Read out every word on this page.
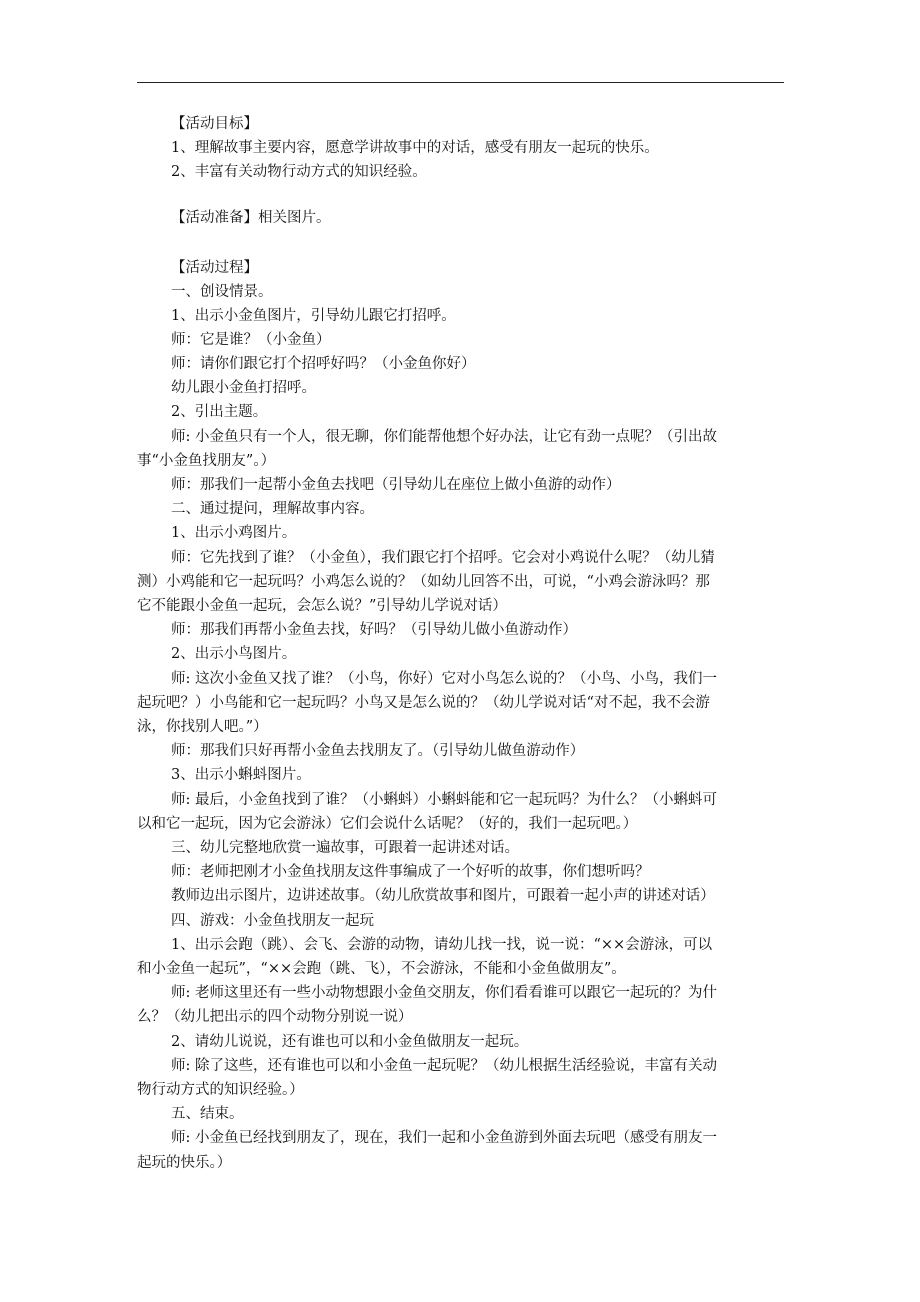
【活动目标】
1、理解故事主要内容，愿意学讲故事中的对话，感受有朋友一起玩的快乐。
2、丰富有关动物行动方式的知识经验。
【活动准备】相关图片。
【活动过程】
一、创设情景。
1、出示小金鱼图片，引导幼儿跟它打招呼。
师：它是谁？（小金鱼）
师：请你们跟它打个招呼好吗？（小金鱼你好）
幼儿跟小金鱼打招呼。
2、引出主题。
师: 小金鱼只有一个人，很无聊，你们能帮他想个好办法，让它有劲一点呢？（引出故
事“小金鱼找朋友”。）
师：那我们一起帮小金鱼去找吧（引导幼儿在座位上做小鱼游的动作）
二、通过提问，理解故事内容。
1、出示小鸡图片。
师：它先找到了谁？（小金鱼），我们跟它打个招呼。它会对小鸡说什么呢？（幼儿猜
测）小鸡能和它一起玩吗？小鸡怎么说的？（如幼儿回答不出，可说，“小鸡会游泳吗？那
它不能跟小金鱼一起玩，会怎么说？”引导幼儿学说对话）
师：那我们再帮小金鱼去找，好吗？（引导幼儿做小鱼游动作）
2、出示小鸟图片。
师: 这次小金鱼又找了谁？（小鸟，你好）它对小鸟怎么说的？（小鸟、小鸟，我们一
起玩吧？）小鸟能和它一起玩吗？小鸟又是怎么说的？（幼儿学说对话“对不起，我不会游
泳，你找别人吧。”）
师：那我们只好再帮小金鱼去找朋友了。（引导幼儿做鱼游动作）
3、出示小蝌蚪图片。
师: 最后，小金鱼找到了谁？（小蝌蚪）小蝌蚪能和它一起玩吗？为什么？（小蝌蚪可
以和它一起玩，因为它会游泳）它们会说什么话呢？（好的，我们一起玩吧。）
三、幼儿完整地欣赏一遍故事，可跟着一起讲述对话。
师：老师把刚才小金鱼找朋友这件事编成了一个好听的故事，你们想听吗？
教师边出示图片，边讲述故事。（幼儿欣赏故事和图片，可跟着一起小声的讲述对话）
四、游戏：小金鱼找朋友一起玩
1、出示会跑（跳）、会飞、会游的动物，请幼儿找一找，说一说：“××会游泳，可以
和小金鱼一起玩”，“××会跑（跳、飞），不会游泳，不能和小金鱼做朋友”。
师: 老师这里还有一些小动物想跟小金鱼交朋友，你们看看谁可以跟它一起玩的？为什
么？（幼儿把出示的四个动物分别说一说）
2、请幼儿说说，还有谁也可以和小金鱼做朋友一起玩。
师: 除了这些，还有谁也可以和小金鱼一起玩呢？（幼儿根据生活经验说，丰富有关动
物行动方式的知识经验。）
五、结束。
师: 小金鱼已经找到朋友了，现在，我们一起和小金鱼游到外面去玩吧（感受有朋友一
起玩的快乐。）
